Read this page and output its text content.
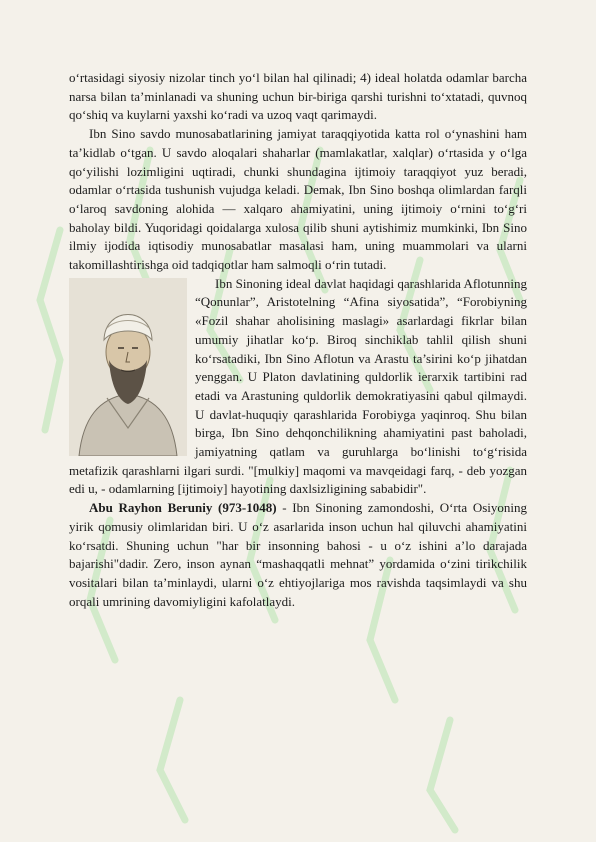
o‘rtasidagi siyosiy nizolar tinch yo‘l bilan hal qilinadi; 4) ideal holatda odamlar barcha narsa bilan ta’minlanadi va shuning uchun bir-biriga qarshi turishni to‘xtatadi, quvnoq qo‘shiq va kuylarni yaxshi ko‘radi va uzoq vaqt qarimaydi.

Ibn Sino savdo munosabatlarining jamiyat taraqqiyotida katta rol o‘ynashini ham ta’kidlab o‘tgan. U savdo aloqalari shaharlar (mamlakatlar, xalqlar) o‘rtasida y o‘lga qo‘yilishi lozimligini uqtiradi, chunki shundagina ijtimoiy taraqqiyot yuz beradi, odamlar o‘rtasida tushunish vujudga keladi. Demak, Ibn Sino boshqa olimlardan farqli o‘laroq savdoning alohida — xalqaro ahamiyatini, uning ijtimoiy o‘rnini to‘g‘ri baholay bildi. Yuqoridagi qoidalarga xulosa qilib shuni aytishimiz mumkinki, Ibn Sino ilmiy ijodida iqtisodiy munosabatlar masalasi ham, uning muammolari va ularni takomillashtirishga oid tadqiqotlar ham salmoqli o‘rin tutadi.

Ibn Sinoning ideal davlat haqidagi qarashlarida Aflotunning “Qonunlar”, Aristotelning “Afina siyosatida”, “Forobiyning «Fozil shahar aholisining maslagi» asarlardagi fikrlar bilan umumiy jihatlar ko‘p. Biroq sinchiklab tahlil qilish shuni ko‘rsatadiki, Ibn Sino Aflotun va Arastu ta’sirini ko‘p jihatdan yenggan. U Platon davlatining quldorlik ierarxik tartibini rad etadi va Arastuning quldorlik demokratiyasini qabul qilmaydi. U davlat-huquqiy qarashlarida Forobiyga yaqinroq. Shu bilan birga, Ibn Sino dehqonchilikning ahamiyatini past baholadi, jamiyatning qatlam va guruhlarga bo‘linishi to‘g‘risida metafizik qarashlarni ilgari surdi. "[mulkiy] maqomi va mavqeidagi farq, - deb yozgan edi u, - odamlarning [ijtimoiy] hayotining daxlsizligining sababidir".

Abu Rayhon Beruniy (973-1048) - Ibn Sinoning zamondoshi, O‘rta Osiyoning yirik qomusiy olimlaridan biri. U o‘z asarlarida inson uchun hal qiluvchi ahamiyatini ko‘rsatdi. Shuning uchun "har bir insonning bahosi - u o‘z ishini a’lo darajada bajarishi"dadir. Zero, inson aynan “mashaqqatli mehnat” yordamida o‘zini tirikchilik vositalari bilan ta’minlaydi, ularni o‘z ehtiyojlariga mos ravishda taqsimlaydi va shu orqali umrining davomiyligini kafolatlaydi.
